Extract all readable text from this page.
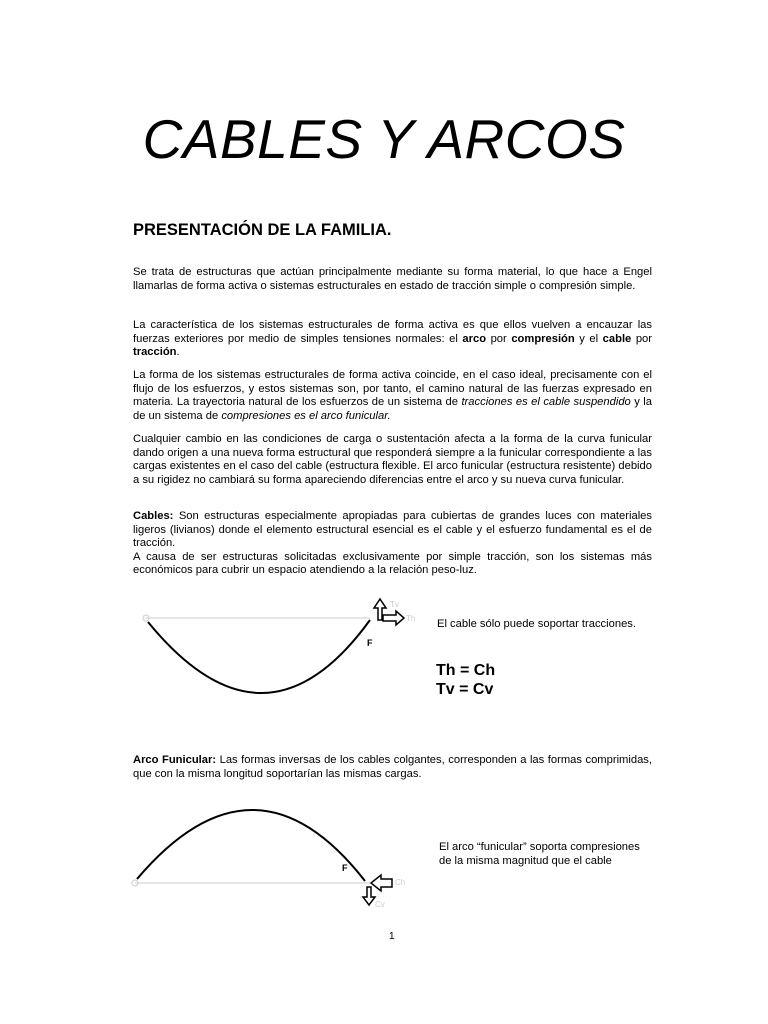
CABLES Y ARCOS
PRESENTACIÓN DE LA FAMILIA.
Se trata de estructuras que actúan principalmente mediante su forma material, lo que hace a Engel llamarlas de forma activa o sistemas estructurales en estado de tracción simple o compresión simple.
La característica de los sistemas estructurales de forma activa es que ellos vuelven a encauzar las fuerzas exteriores por medio de simples tensiones normales: el arco por compresión y el cable por tracción.
La forma de los sistemas estructurales de forma activa coincide, en el caso ideal, precisamente con el flujo de los esfuerzos, y estos sistemas son, por tanto, el camino natural de las fuerzas expresado en materia. La trayectoria natural de los esfuerzos de un sistema de tracciones es el cable suspendido y la de un sistema de compresiones es el arco funicular.
Cualquier cambio en las condiciones de carga o sustentación afecta a la forma de la curva funicular dando origen a una nueva forma estructural que responderá siempre a la funicular correspondiente a las cargas existentes en el caso del cable (estructura flexible. El arco funicular (estructura resistente) debido a su rigidez no cambiará su forma apareciendo diferencias entre el arco y su nueva curva funicular.
Cables: Son estructuras especialmente apropiadas para cubiertas de grandes luces con materiales ligeros (livianos) donde el elemento estructural esencial es el cable y el esfuerzo fundamental es el de tracción.
A causa de ser estructuras solicitadas exclusivamente por simple tracción, son los sistemas más económicos para cubrir un espacio atendiendo a la relación peso-luz.
Tv
Th
F
El cable sólo puede soportar tracciones.
Th = Ch
Tv = Cv
Arco Funicular: Las formas inversas de los cables colgantes, corresponden a las formas comprimidas, que con la misma longitud soportarían las mismas cargas.
Ch
Cv
F
El arco “funicular” soporta compresiones
de la misma magnitud que el cable
1
